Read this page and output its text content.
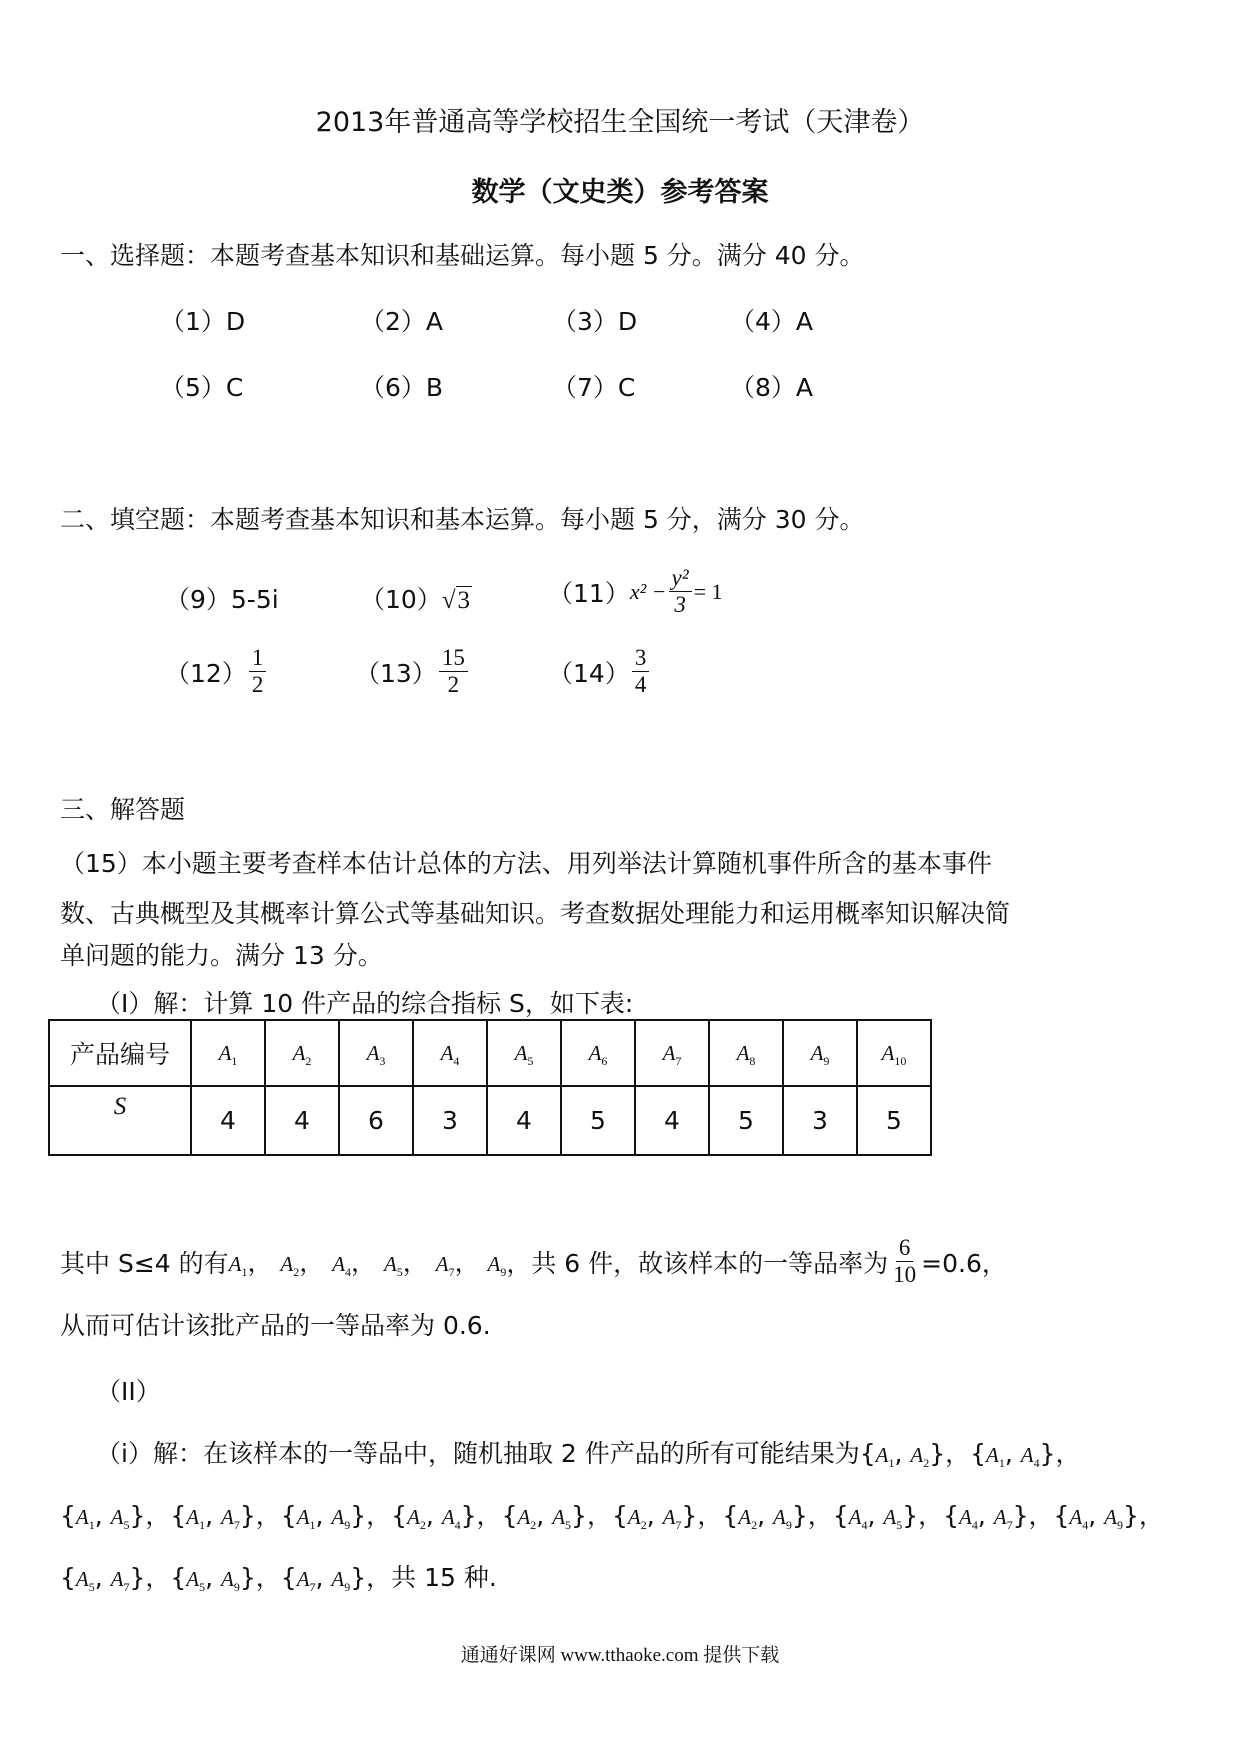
2013年普通高等学校招生全国统一考试（天津卷）
数学（文史类）参考答案
一、选择题：本题考查基本知识和基础运算。每小题 5 分。满分 40 分。
（1）D	（2）A	（3）D	（4）A
（5）C	（6）B	（7）C	（8）A
二、填空题：本题考查基本知识和基本运算。每小题 5 分，满分 30 分。
（9）5-5i	（10）√3	（11） $x^2 - \frac{\text{y²}}{3} = 1$
$(12) \frac{1}{2}$	$(13) \frac{15}{2}$	$(14) \frac{3}{4}$
三、解答题
（15）本小题主要考查样本估计总体的方法、用列举法计算随机事件所含的基本事件
数、古典概型及其概率计算公式等基础知识。考查数据处理能力和运用概率知识解决简
单问题的能力。满分 13 分。
（I）解：计算 10 件产品的综合指标 S，如下表:
产品编号	$A_1$	$A_2$	$A_3$	$A_4$	$A_5$	$A_6$	$A_7$	$A_8$	$A_9$	$A_{10}$
S	4	4	6	3	4	5	4	5	3	5
其中 S≤4 的有 $A_1$， $A_2$， $A_4$， $A_5$， $A_7$， $A_9$ ，共 6 件，故该样本的一等品率为 $\frac{6}{10} =0.6$，
从而可估计该批产品的一等品率为 0.6.
（II）
（i）解：在该样本的一等品中，随机抽取 2 件产品的所有可能结果为{$A_1$, $A_2$}，{$A_1$, $A_4$}，
{$A_1$, $A_5$}，{$A_1$, $A_7$}，{$A_1$, $A_9$}，{$A_2$, $A_4$}，{$A_2$, $A_5$}，{$A_2$, $A_7$}，{$A_2$, $A_9$}，{$A_4$, $A_5$}，{$A_4$, $A_7$}，{$A_4$, $A_9$}，
{$A_5$, $A_7$}，{$A_5$, $A_9$}，{$A_7$, $A_9$}，共 15 种.
通通好课网 www.tthaoke.com 提供下载
